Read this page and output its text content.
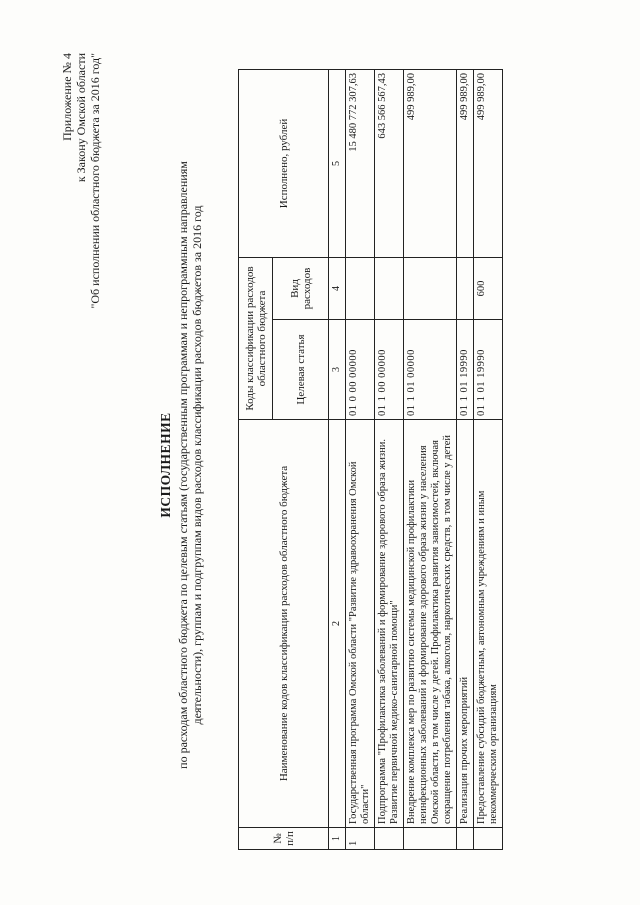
Приложение № 4 к Закону Омской области "Об исполнении областного бюджета за 2016 год"
ИСПОЛНЕНИЕ по расходам областного бюджета по целевым статьям (государственным программам и непрограммным направлениям деятельности), группам и подгруппам видов расходов классификации расходов бюджетов за 2016 год
№ п/п	Наименование кодов классификации расходов областного бюджета	Коды классификации расходов областного бюджета		Исполнено, рублей
		Целевая статья	Вид расходов	
1	2	3	4	5
1	Государственная программа Омской области "Развитие здравоохранения Омской области"	01 0 00 00000		15 480 772 307,63
	Подпрограмма "Профилактика заболеваний и формирование здорового образа жизни. Развитие первичной медико-санитарной помощи"	01 1 00 00000		643 566 567,43
	Внедрение комплекса мер по развитию системы медицинской профилактики неинфекционных заболеваний и формирование здорового образа жизни у населения Омской области, в том числе у детей. Профилактика развития зависимостей, включая сокращение потребления табака, алкоголя, наркотических средств, в том числе у детей	01 1 01 00000		499 989,00
	Реализация прочих мероприятий	01 1 01 19990		499 989,00
	Предоставление субсидий бюджетным, автономным учреждениям и иным некоммерческим организациям	01 1 01 19990	600	499 989,00
